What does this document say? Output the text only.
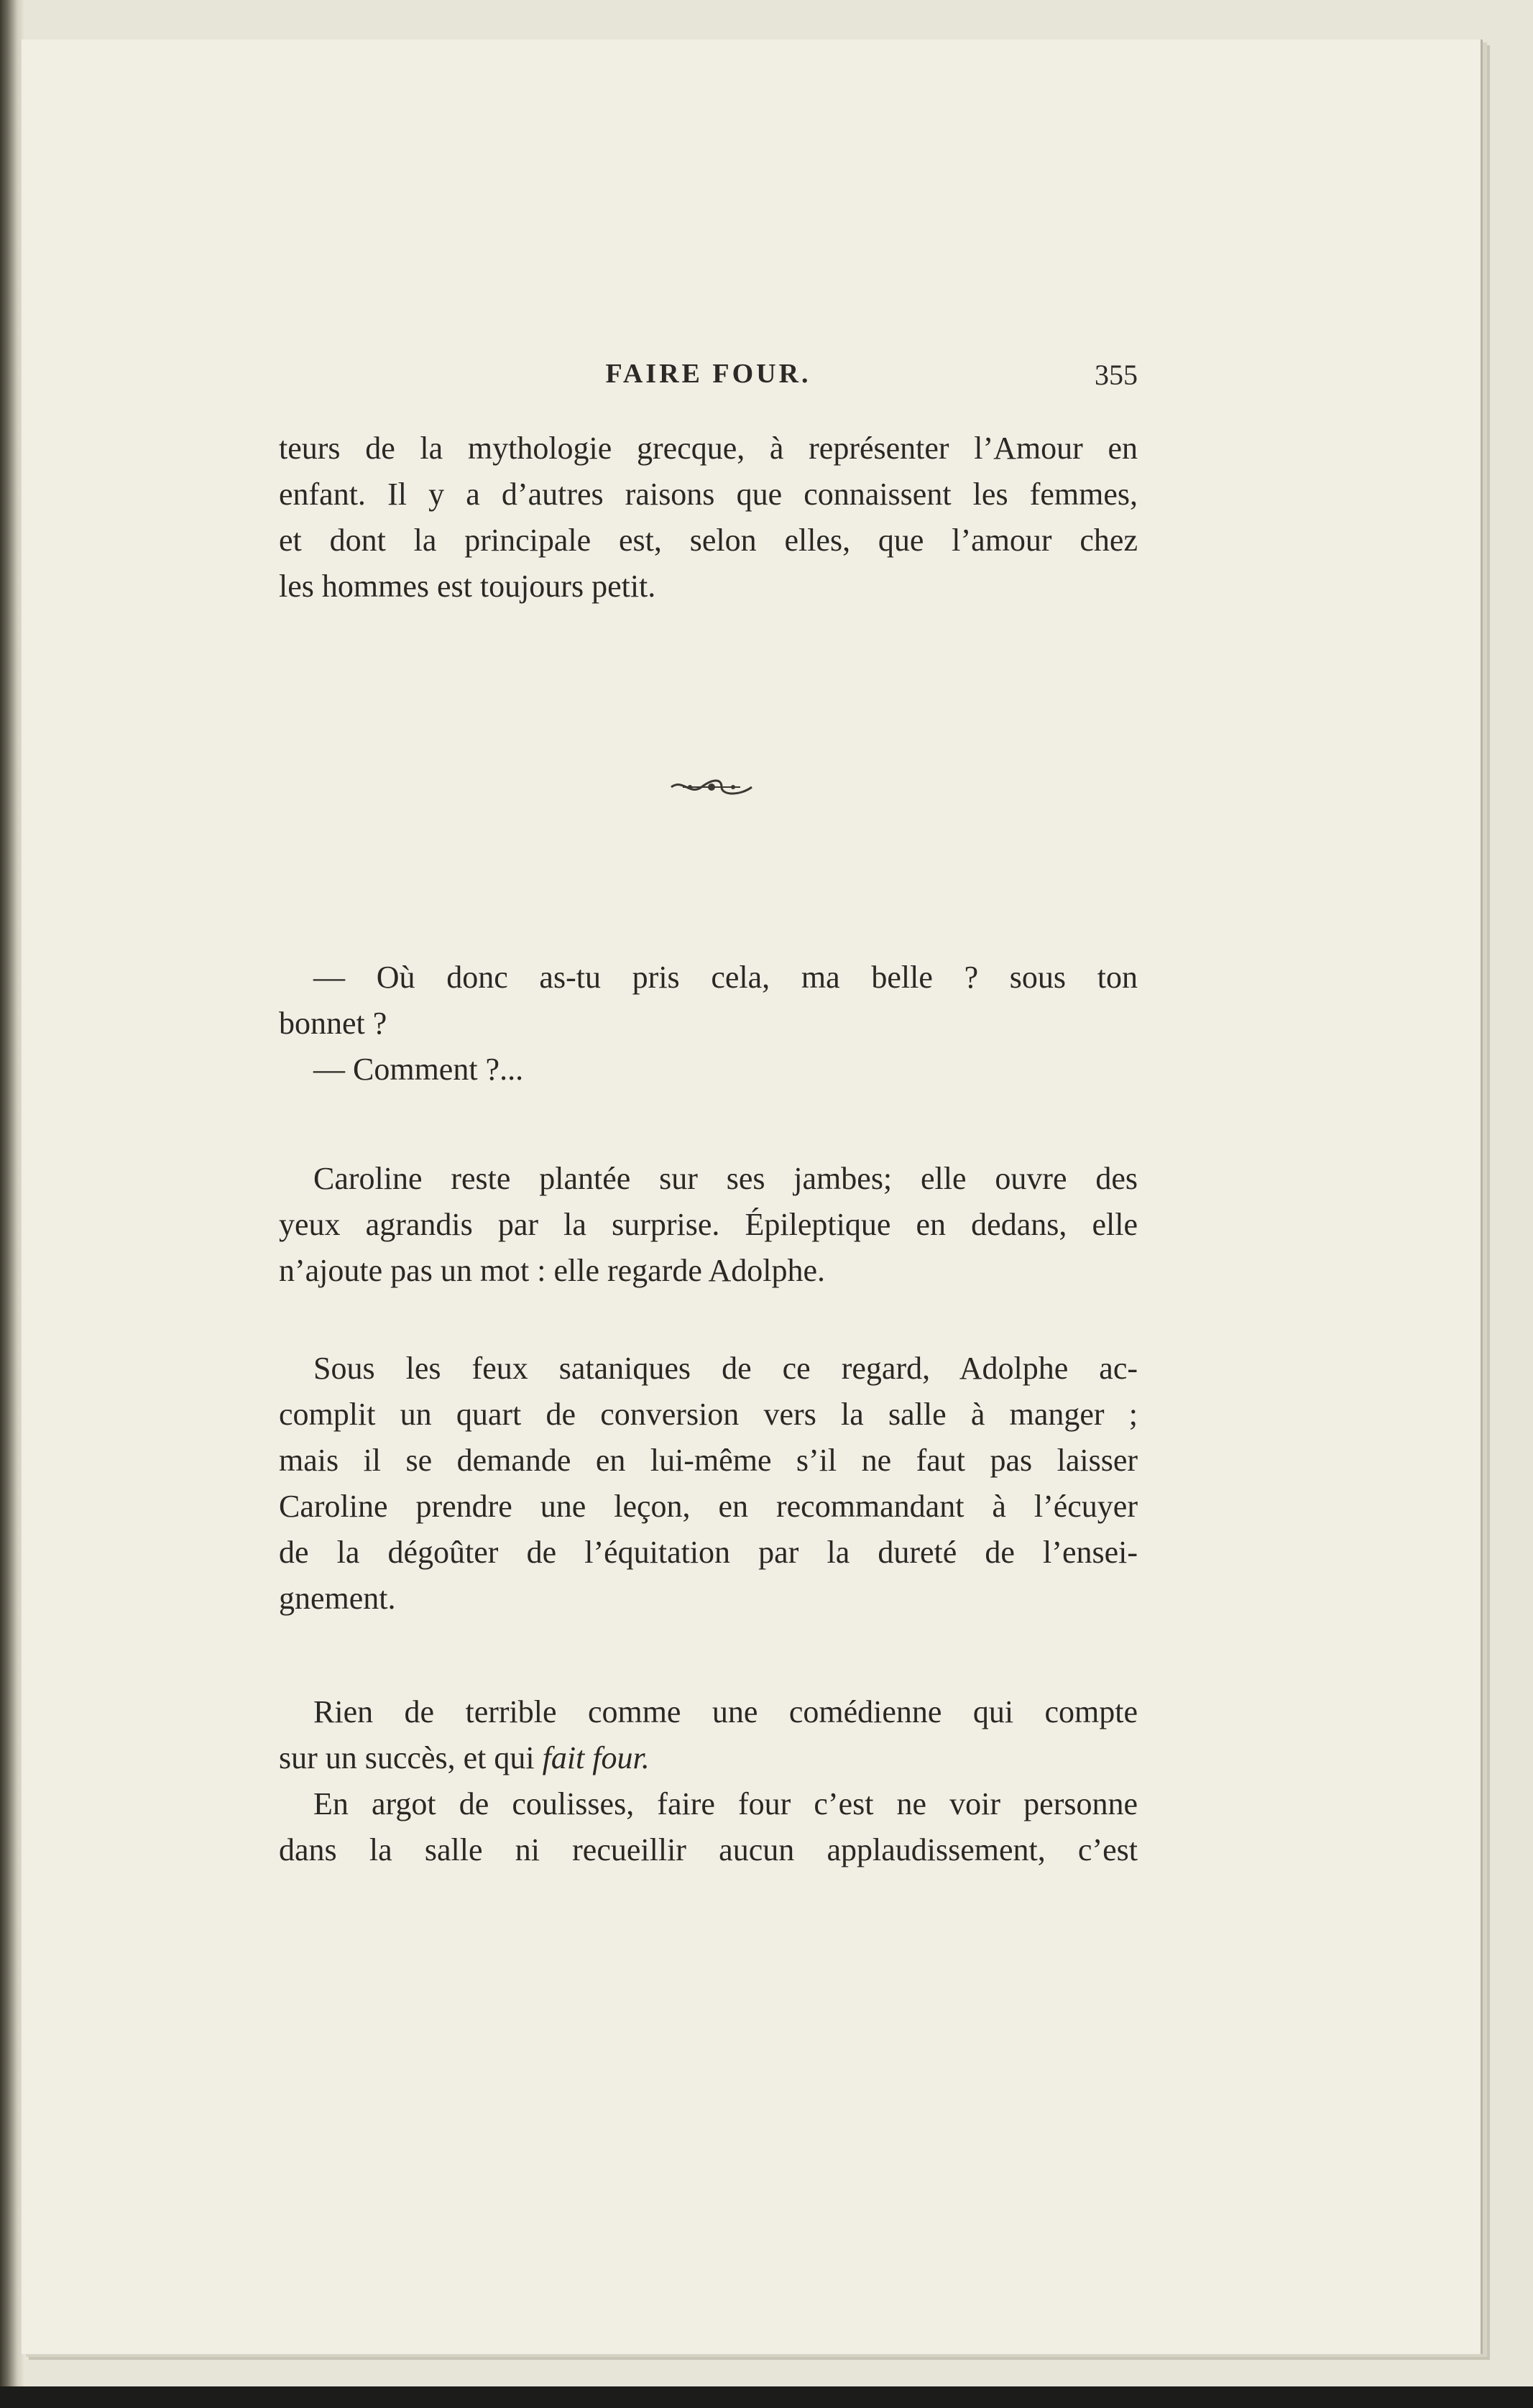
FAIRE FOUR.	355

teurs de la mythologie grecque, à représenter l’Amour en

enfant. Il y a d’autres raisons que connaissent les femmes,

et dont la principale est, selon elles, que l’amour chez

les hommes est toujours petit.

— Où donc as-tu pris cela, ma belle ? sous ton

bonnet ?

— Comment ?...

Caroline reste plantée sur ses jambes; elle ouvre des

yeux agrandis par la surprise. Épileptique en dedans, elle

n’ajoute pas un mot : elle regarde Adolphe.

Sous les feux sataniques de ce regard, Adolphe ac-

complit un quart de conversion vers la salle à manger ;

mais il se demande en lui-même s’il ne faut pas laisser

Caroline prendre une leçon, en recommandant à l’écuyer

de la dégoûter de l’équitation par la dureté de l’ensei-

gnement.

Rien de terrible comme une comédienne qui compte

sur un succès, et qui fait four.

En argot de coulisses, faire four c’est ne voir personne

dans la salle ni recueillir aucun applaudissement, c’est
